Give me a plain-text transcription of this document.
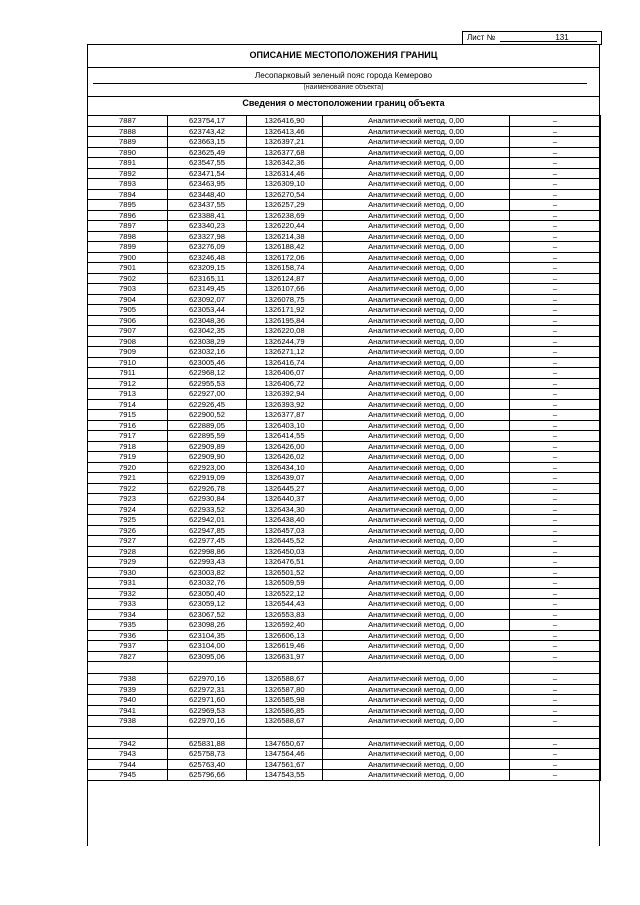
Лист №	131
ОПИСАНИЕ МЕСТОПОЛОЖЕНИЯ ГРАНИЦ
Лесопарковый зеленый пояс города Кемерово
(наименование объекта)
Сведения о местоположении границ объекта
7887	623754,17	1326416,90	Аналитический метод, 0,00	–
7888	623743,42	1326413,46	Аналитический метод, 0,00	–
7889	623663,15	1326397,21	Аналитический метод, 0,00	–
7890	623625,49	1326377,68	Аналитический метод, 0,00	–
7891	623547,55	1326342,36	Аналитический метод, 0,00	–
7892	623471,54	1326314,46	Аналитический метод, 0,00	–
7893	623463,95	1326309,10	Аналитический метод, 0,00	–
7894	623448,40	1326270,54	Аналитический метод, 0,00	–
7895	623437,55	1326257,29	Аналитический метод, 0,00	–
7896	623388,41	1326238,69	Аналитический метод, 0,00	–
7897	623340,23	1326220,44	Аналитический метод, 0,00	–
7898	623327,98	1326214,38	Аналитический метод, 0,00	–
7899	623276,09	1326188,42	Аналитический метод, 0,00	–
7900	623246,48	1326172,06	Аналитический метод, 0,00	–
7901	623209,15	1326158,74	Аналитический метод, 0,00	–
7902	623165,11	1326124,87	Аналитический метод, 0,00	–
7903	623149,45	1326107,66	Аналитический метод, 0,00	–
7904	623092,07	1326078,75	Аналитический метод, 0,00	–
7905	623053,44	1326171,92	Аналитический метод, 0,00	–
7906	623048,36	1326195,84	Аналитический метод, 0,00	–
7907	623042,35	1326220,08	Аналитический метод, 0,00	–
7908	623038,29	1326244,79	Аналитический метод, 0,00	–
7909	623032,16	1326271,12	Аналитический метод, 0,00	–
7910	623005,46	1326416,74	Аналитический метод, 0,00	–
7911	622968,12	1326406,07	Аналитический метод, 0,00	–
7912	622955,53	1326406,72	Аналитический метод, 0,00	–
7913	622927,00	1326392,94	Аналитический метод, 0,00	–
7914	622926,45	1326393,92	Аналитический метод, 0,00	–
7915	622900,52	1326377,87	Аналитический метод, 0,00	–
7916	622889,05	1326403,10	Аналитический метод, 0,00	–
7917	622895,59	1326414,55	Аналитический метод, 0,00	–
7918	622909,89	1326426,00	Аналитический метод, 0,00	–
7919	622909,90	1326426,02	Аналитический метод, 0,00	–
7920	622923,00	1326434,10	Аналитический метод, 0,00	–
7921	622919,09	1326439,07	Аналитический метод, 0,00	–
7922	622926,78	1326445,27	Аналитический метод, 0,00	–
7923	622930,84	1326440,37	Аналитический метод, 0,00	–
7924	622933,52	1326434,30	Аналитический метод, 0,00	–
7925	622942,01	1326438,40	Аналитический метод, 0,00	–
7926	622947,85	1326457,03	Аналитический метод, 0,00	–
7927	622977,45	1326445,52	Аналитический метод, 0,00	–
7928	622998,86	1326450,03	Аналитический метод, 0,00	–
7929	622993,43	1326476,51	Аналитический метод, 0,00	–
7930	623003,82	1326501,52	Аналитический метод, 0,00	–
7931	623032,76	1326509,59	Аналитический метод, 0,00	–
7932	623050,40	1326522,12	Аналитический метод, 0,00	–
7933	623059,12	1326544,43	Аналитический метод, 0,00	–
7934	623067,52	1326553,83	Аналитический метод, 0,00	–
7935	623098,26	1326592,40	Аналитический метод, 0,00	–
7936	623104,35	1326606,13	Аналитический метод, 0,00	–
7937	623104,00	1326619,46	Аналитический метод, 0,00	–
7827	623095,06	1326631,97	Аналитический метод, 0,00	–

7938	622970,16	1326588,67	Аналитический метод, 0,00	–
7939	622972,31	1326587,80	Аналитический метод, 0,00	–
7940	622971,60	1326585,98	Аналитический метод, 0,00	–
7941	622969,53	1326586,85	Аналитический метод, 0,00	–
7938	622970,16	1326588,67	Аналитический метод, 0,00	–

7942	625831,88	1347650,67	Аналитический метод, 0,00	–
7943	625758,73	1347564,46	Аналитический метод, 0,00	–
7944	625763,40	1347561,67	Аналитический метод, 0,00	–
7945	625796,66	1347543,55	Аналитический метод, 0,00	–
